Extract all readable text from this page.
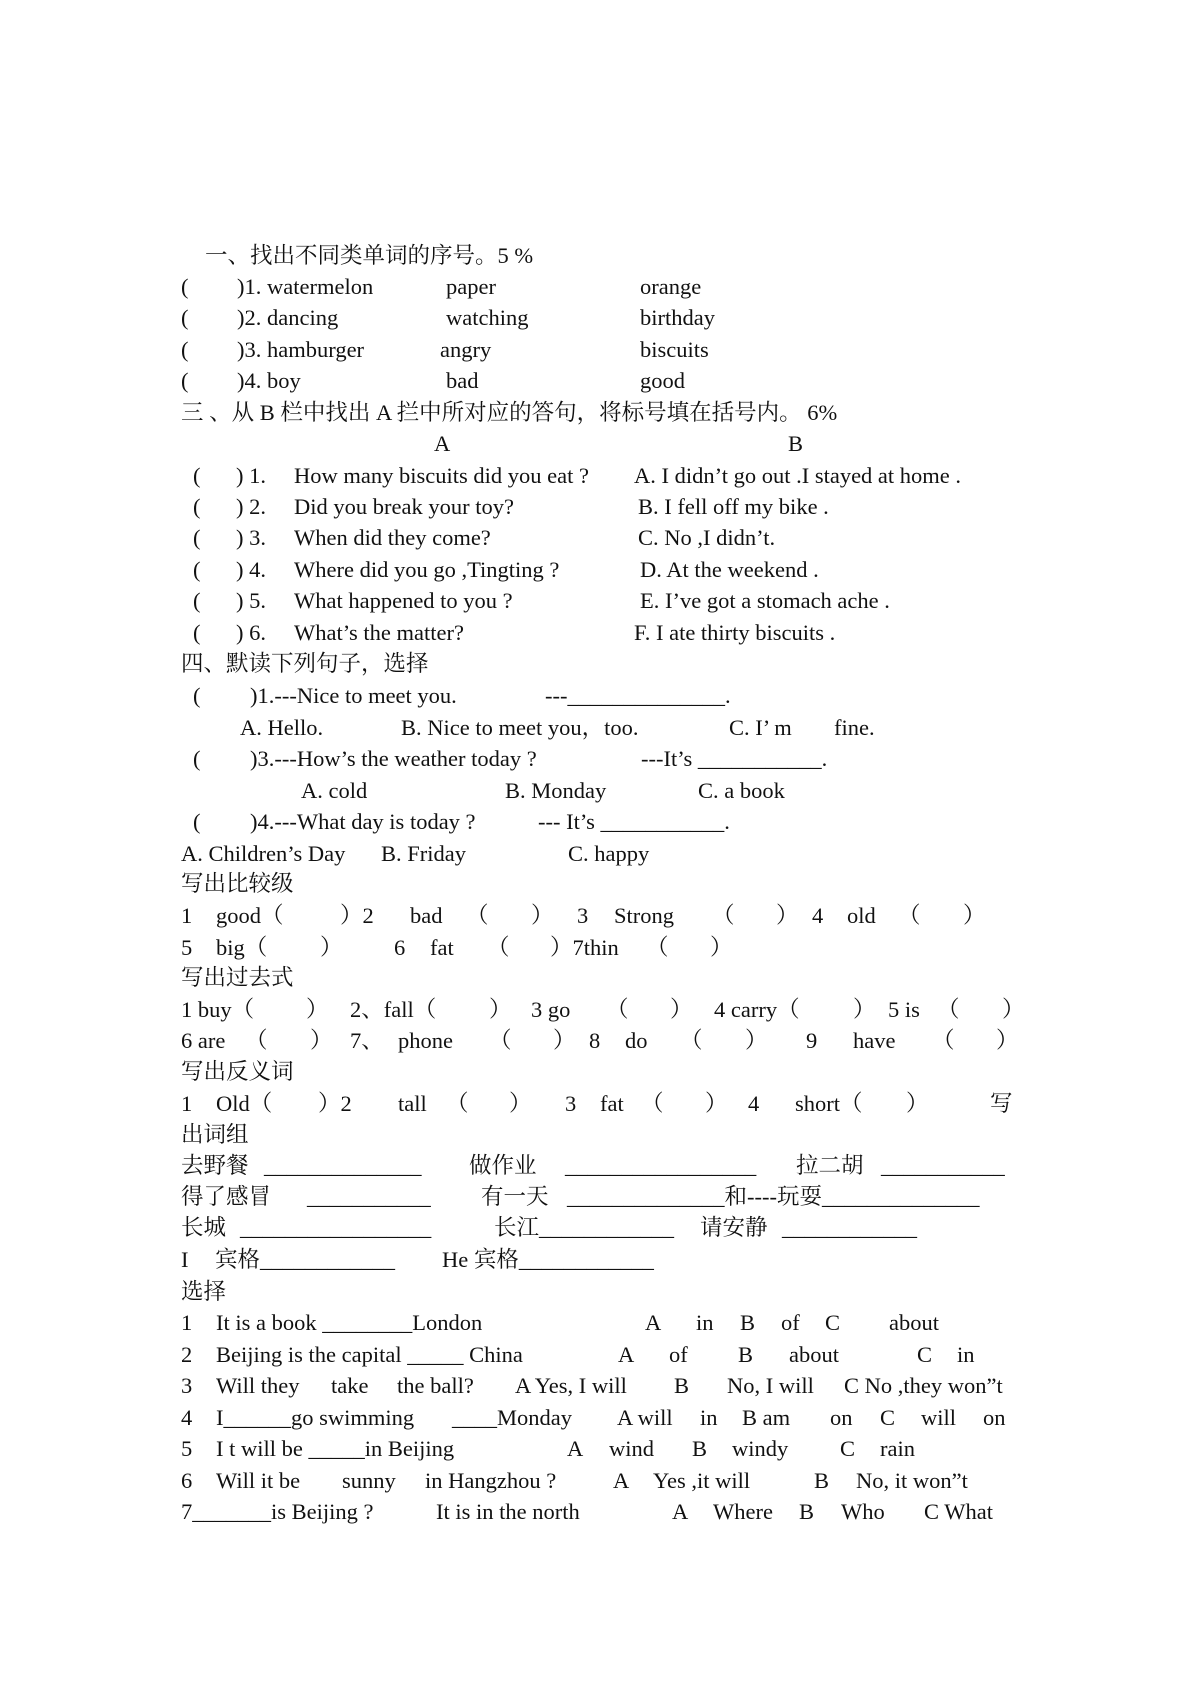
一、找出不同类单词的序号。5 %
( )1. watermelon	paper	orange
( )2. dancing	watching	birthday
( )3. hamburger	angry	biscuits
( )4. boy	bad	good
三 、从 B 栏中找出 A 拦中所对应的答句，将标号填在括号内。 6%
A	B
( ) 1. How many biscuits did you eat ? A. I didn’t go out .I stayed at home .
( ) 2. Did you break your toy?	B. I fell off my bike .
( ) 3. When did they come?	C. No ,I didn’t.
( ) 4. Where did you go ,Tingting ?	D. At the weekend .
( ) 5. What happened to you ?	E. I’ve got a stomach ache .
( ) 6. What’s the matter?	F. I ate thirty biscuits .
四、默读下列句子，选择
( )1.---Nice to meet you.	---______________.
A. Hello.	B. Nice to meet you，too.	C. I’ m fine.
( )3.---How’s the weather today ?	---It’s ___________.
A. cold	B. Monday	C. a book
( )4.---What day is today ?	--- It’s ___________.
A. Children’s Day B. Friday	C. happy
写出比较级
1 good（	）2 bad （ ） 3 Strong （ ） 4 old （ ）
5 big（ ） 6 fat （ ）7thin （ ）
写出过去式
1 buy（ ） 2、fall（ ） 3 go （ ） 4 carry（ ） 5 is （ ）
6 are （ ） 7、 phone （ ） 8 do （ ） 9 have （ ）
写出反义词
1 Old（ ）2 tall （ ） 3 fat （ ） 4 short（ ）	写
出词组
去野餐 ______________ 做作业 _________________ 拉二胡 ___________
得了感冒 ___________ 有一天 ______________和----玩耍______________
长城 _________________	长江____________ 请安静 ____________
I 宾格____________ He 宾格____________
选择
1 It is a book ________London	A in B of C about
2 Beijing is the capital _____ China	A of B about	C in
3 Will they take the ball? A Yes, I will B No, I will C No ,they won”t
4 I______go swimming ____Monday A will in B am on C will on
5 I t will be _____in Beijing	A wind B windy C rain
6 Will it be sunny in Hangzhou ?	A Yes ,it will	B No, it won”t
7_______is Beijing ?	It is in the north	A Where B Who C What
